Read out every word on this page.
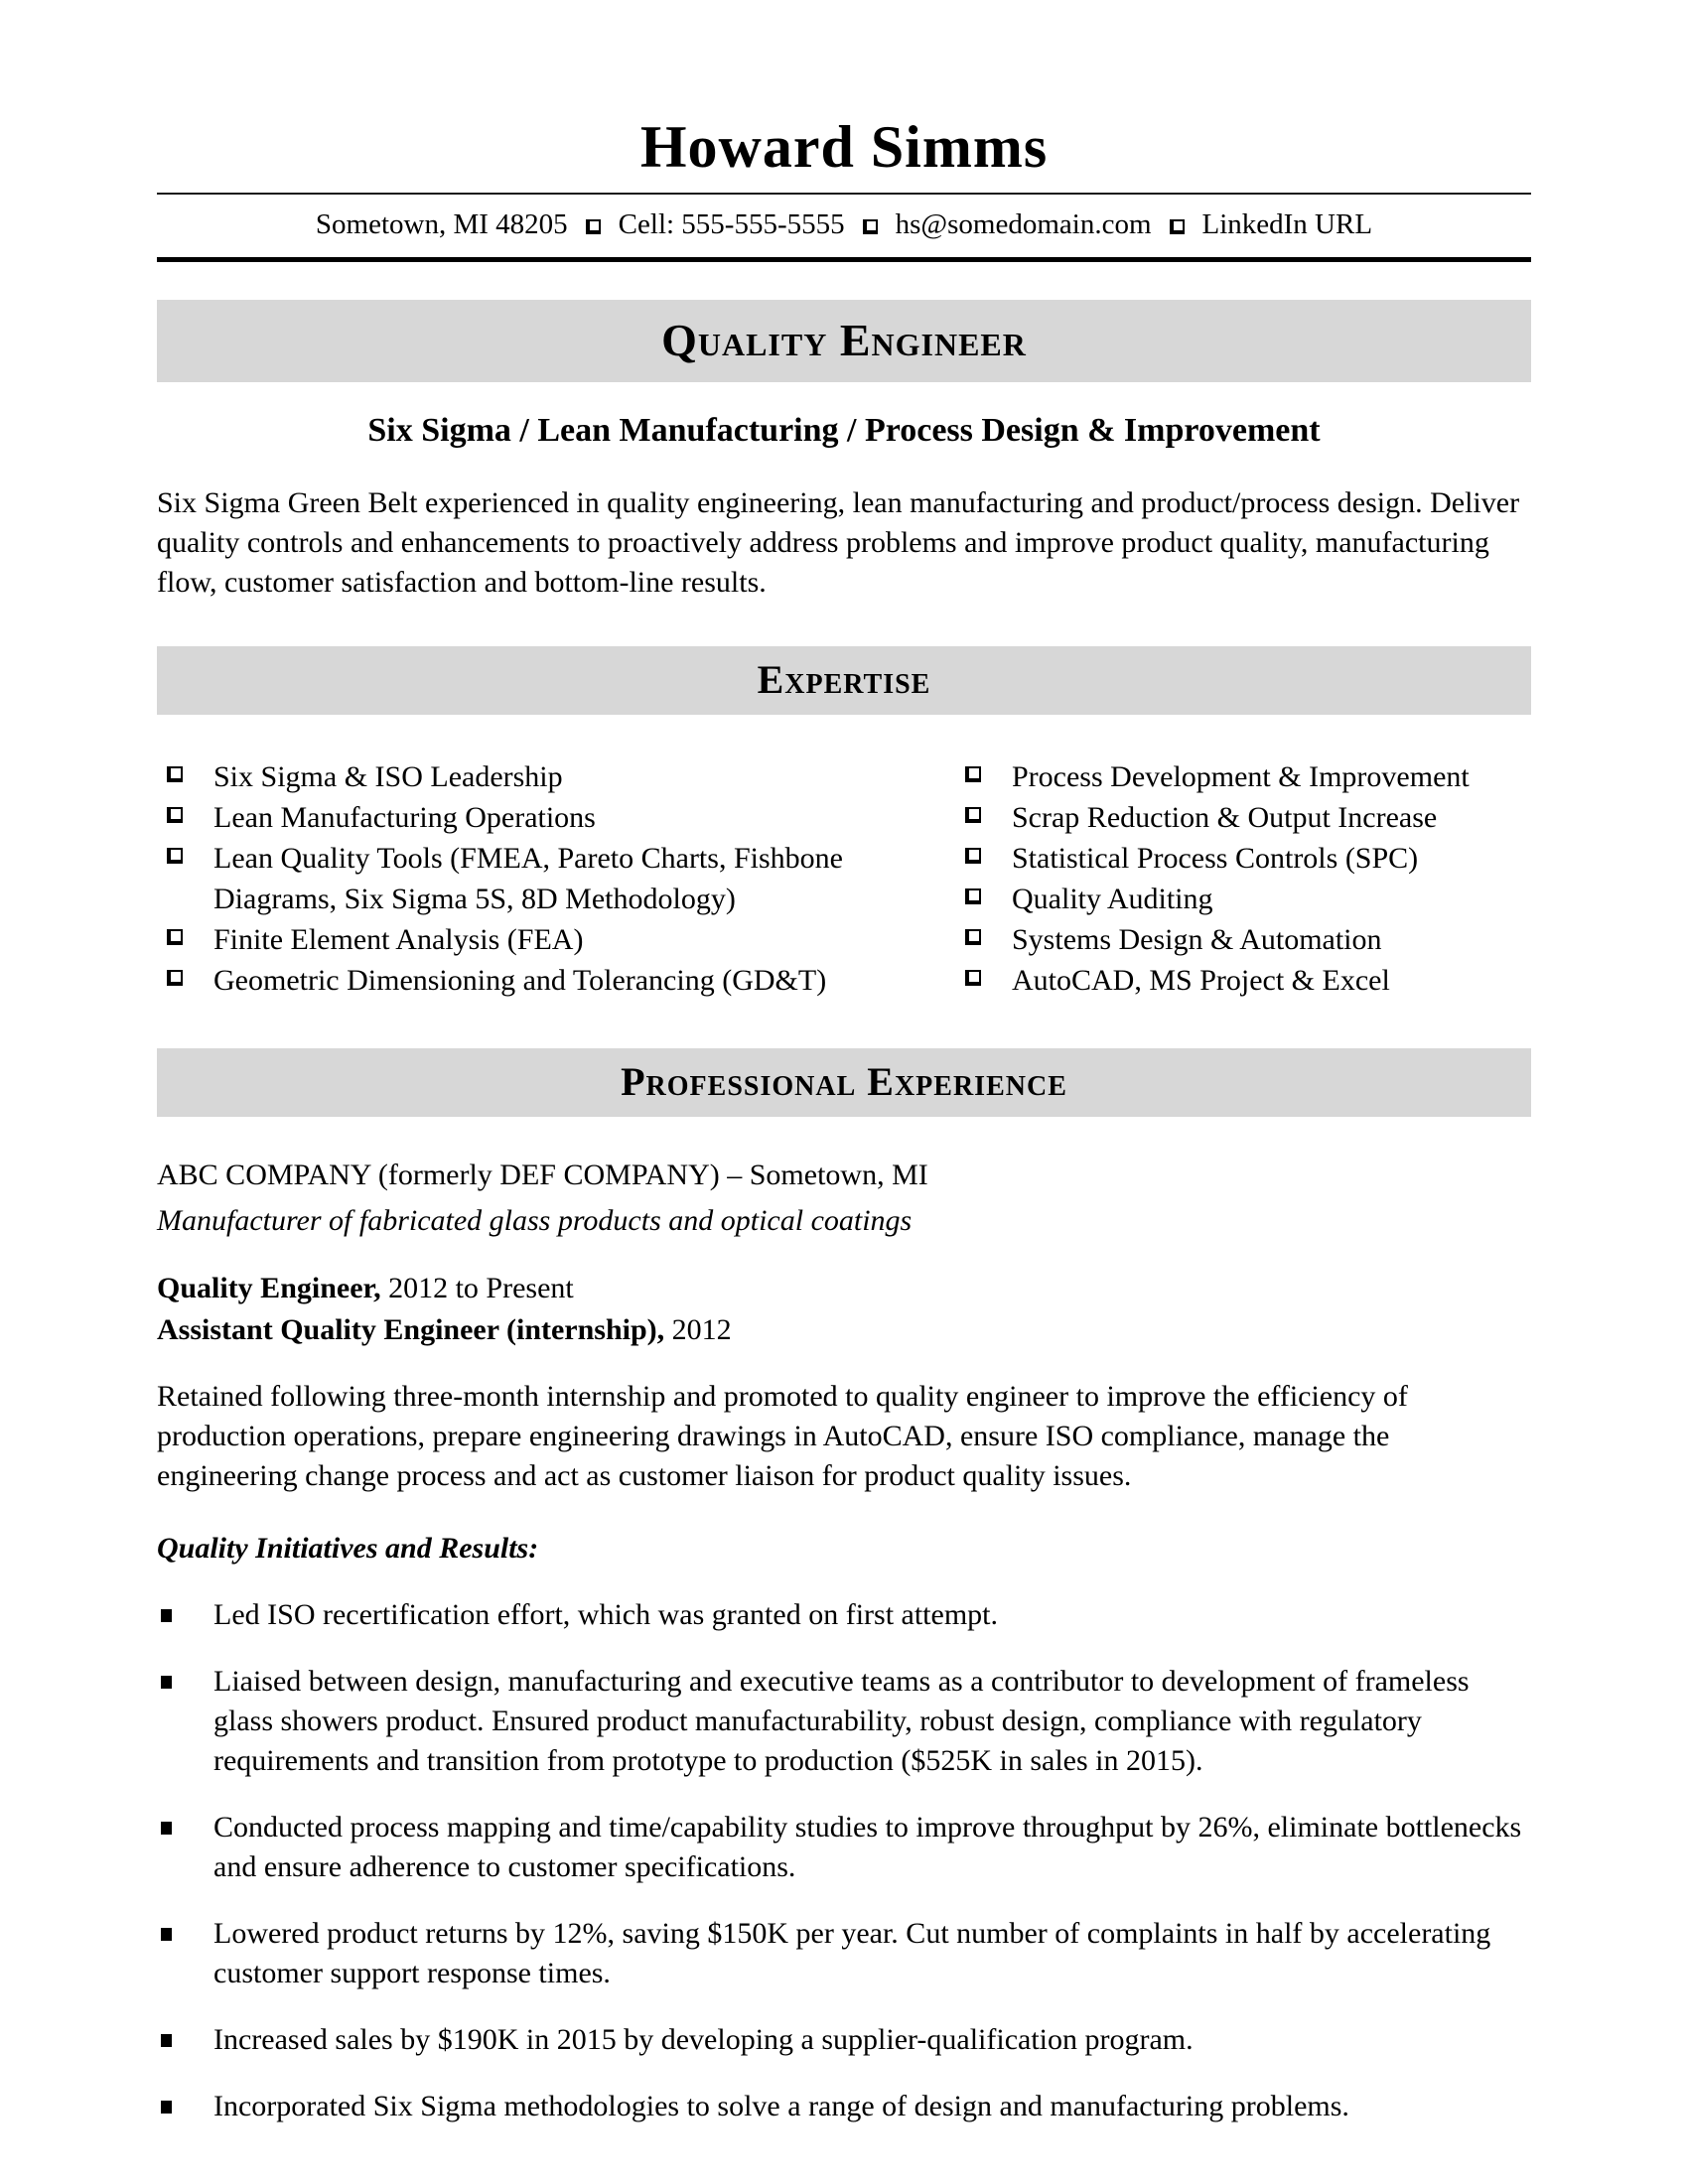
Howard Simms
Sometown, MI 48205 Cell: 555-555-5555 hs@somedomain.com LinkedIn URL
Quality Engineer
Six Sigma / Lean Manufacturing / Process Design & Improvement
Six Sigma Green Belt experienced in quality engineering, lean manufacturing and product/process design. Deliver quality controls and enhancements to proactively address problems and improve product quality, manufacturing flow, customer satisfaction and bottom-line results.
Expertise
Six Sigma & ISO Leadership
Lean Manufacturing Operations
Lean Quality Tools (FMEA, Pareto Charts, Fishbone Diagrams, Six Sigma 5S, 8D Methodology)
Finite Element Analysis (FEA)
Geometric Dimensioning and Tolerancing (GD&T)
Process Development & Improvement
Scrap Reduction & Output Increase
Statistical Process Controls (SPC)
Quality Auditing
Systems Design & Automation
AutoCAD, MS Project & Excel
Professional Experience
ABC COMPANY (formerly DEF COMPANY) – Sometown, MI
Manufacturer of fabricated glass products and optical coatings
Quality Engineer, 2012 to Present
Assistant Quality Engineer (internship), 2012
Retained following three-month internship and promoted to quality engineer to improve the efficiency of production operations, prepare engineering drawings in AutoCAD, ensure ISO compliance, manage the engineering change process and act as customer liaison for product quality issues.
Quality Initiatives and Results:
Led ISO recertification effort, which was granted on first attempt.
Liaised between design, manufacturing and executive teams as a contributor to development of frameless glass showers product. Ensured product manufacturability, robust design, compliance with regulatory requirements and transition from prototype to production ($525K in sales in 2015).
Conducted process mapping and time/capability studies to improve throughput by 26%, eliminate bottlenecks and ensure adherence to customer specifications.
Lowered product returns by 12%, saving $150K per year. Cut number of complaints in half by accelerating customer support response times.
Increased sales by $190K in 2015 by developing a supplier-qualification program.
Incorporated Six Sigma methodologies to solve a range of design and manufacturing problems.
